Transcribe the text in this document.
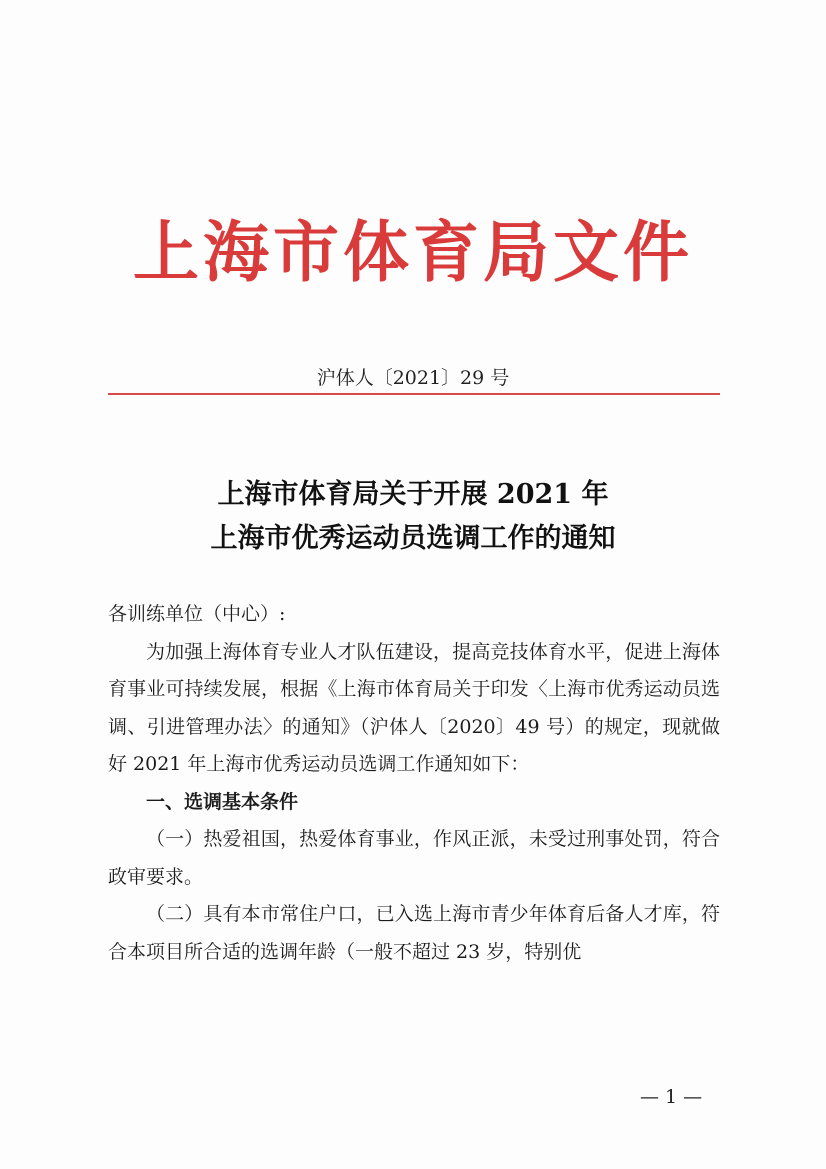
上海市体育局文件
沪体人〔2021〕29 号
上海市体育局关于开展 2021 年
上海市优秀运动员选调工作的通知

各训练单位（中心）:

为加强上海体育专业人才队伍建设，提高竞技体育水平，促进上海体育事业可持续发展，根据《上海市体育局关于印发〈上海市优秀运动员选调、引进管理办法〉的通知》（沪体人〔2020〕49 号）的规定，现就做好 2021 年上海市优秀运动员选调工作通知如下：

一、选调基本条件

（一）热爱祖国，热爱体育事业，作风正派，未受过刑事处罚，符合政审要求。

（二）具有本市常住户口，已入选上海市青少年体育后备人才库，符合本项目所合适的选调年龄（一般不超过 23 岁，特别优

— 1 —
